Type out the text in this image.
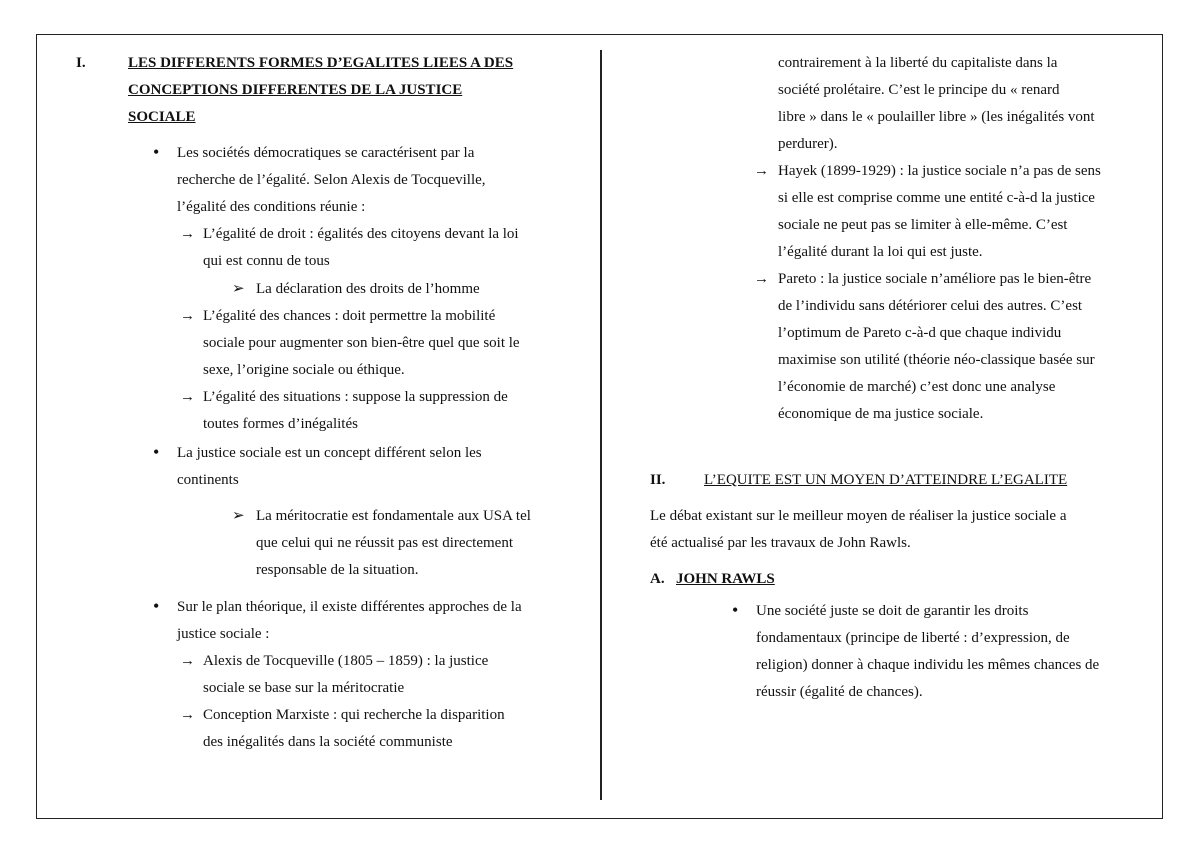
I.	LES DIFFERENTS FORMES D’EGALITES LIEES A DES
CONCEPTIONS DIFFERENTES DE LA JUSTICE
SOCIALE
• Les sociétés démocratiques se caractérisent par la
recherche de l’égalité. Selon Alexis de Tocqueville,
l’égalité des conditions réunie :
→ L’égalité de droit : égalités des citoyens devant la loi
qui est connu de tous
➢ La déclaration des droits de l’homme
→ L’égalité des chances : doit permettre la mobilité
sociale pour augmenter son bien-être quel que soit le
sexe, l’origine sociale ou éthique.
→ L’égalité des situations : suppose la suppression de
toutes formes d’inégalités
• La justice sociale est un concept différent selon les
continents
➢ La méritocratie est fondamentale aux USA tel
que celui qui ne réussit pas est directement
responsable de la situation.
• Sur le plan théorique, il existe différentes approches de la
justice sociale :
→ Alexis de Tocqueville (1805 – 1859) : la justice
sociale se base sur la méritocratie
→ Conception Marxiste : qui recherche la disparition
des inégalités dans la société communiste
contrairement à la liberté du capitaliste dans la
société prolétaire. C’est le principe du « renard
libre » dans le « poulailler libre » (les inégalités vont
perdurer).
→ Hayek (1899-1929) : la justice sociale n’a pas de sens
si elle est comprise comme une entité c-à-d la justice
sociale ne peut pas se limiter à elle-même. C’est
l’égalité durant la loi qui est juste.
→ Pareto : la justice sociale n’améliore pas le bien-être
de l’individu sans détériorer celui des autres. C’est
l’optimum de Pareto c-à-d que chaque individu
maximise son utilité (théorie néo-classique basée sur
l’économie de marché) c’est donc une analyse
économique de ma justice sociale.
II.	L’EQUITE EST UN MOYEN D’ATTEINDRE L’EGALITE
Le débat existant sur le meilleur moyen de réaliser la justice sociale a
été actualisé par les travaux de John Rawls.
A. JOHN RAWLS
• Une société juste se doit de garantir les droits
fondamentaux (principe de liberté : d’expression, de
religion) donner à chaque individu les mêmes chances de
réussir (égalité de chances).
